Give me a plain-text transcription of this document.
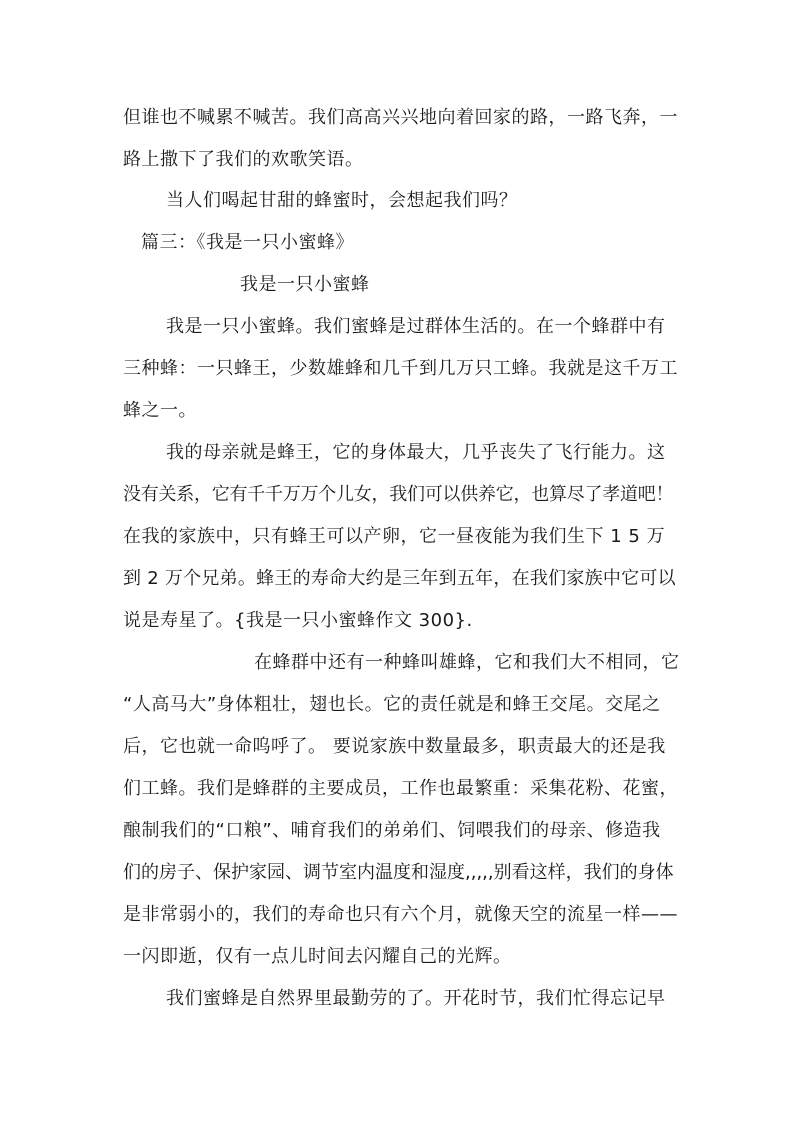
但谁也不喊累不喊苦。我们高高兴兴地向着回家的路，一路飞奔，一
路上撒下了我们的欢歌笑语。
当人们喝起甘甜的蜂蜜时，会想起我们吗？
篇三：《我是一只小蜜蜂》
我是一只小蜜蜂
我是一只小蜜蜂。我们蜜蜂是过群体生活的。在一个蜂群中有
三种蜂：一只蜂王，少数雄蜂和几千到几万只工蜂。我就是这千万工
蜂之一。
我的母亲就是蜂王，它的身体最大，几乎丧失了飞行能力。这
没有关系，它有千千万万个儿女，我们可以供养它，也算尽了孝道吧！
在我的家族中，只有蜂王可以产卵，它一昼夜能为我们生下 1 5 万
到 2 万个兄弟。蜂王的寿命大约是三年到五年，在我们家族中它可以
说是寿星了。{我是一只小蜜蜂作文 300}.
在蜂群中还有一种蜂叫雄蜂，它和我们大不相同，它
“人高马大”身体粗壮，翅也长。它的责任就是和蜂王交尾。交尾之
后，它也就一命呜呼了。 要说家族中数量最多，职责最大的还是我
们工蜂。我们是蜂群的主要成员，工作也最繁重：采集花粉、花蜜，
酿制我们的“口粮”、哺育我们的弟弟们、饲喂我们的母亲、修造我
们的房子、保护家园、调节室内温度和湿度,,,,,别看这样，我们的身体
是非常弱小的，我们的寿命也只有六个月，就像天空的流星一样——
一闪即逝，仅有一点儿时间去闪耀自己的光辉。
我们蜜蜂是自然界里最勤劳的了。开花时节，我们忙得忘记早
